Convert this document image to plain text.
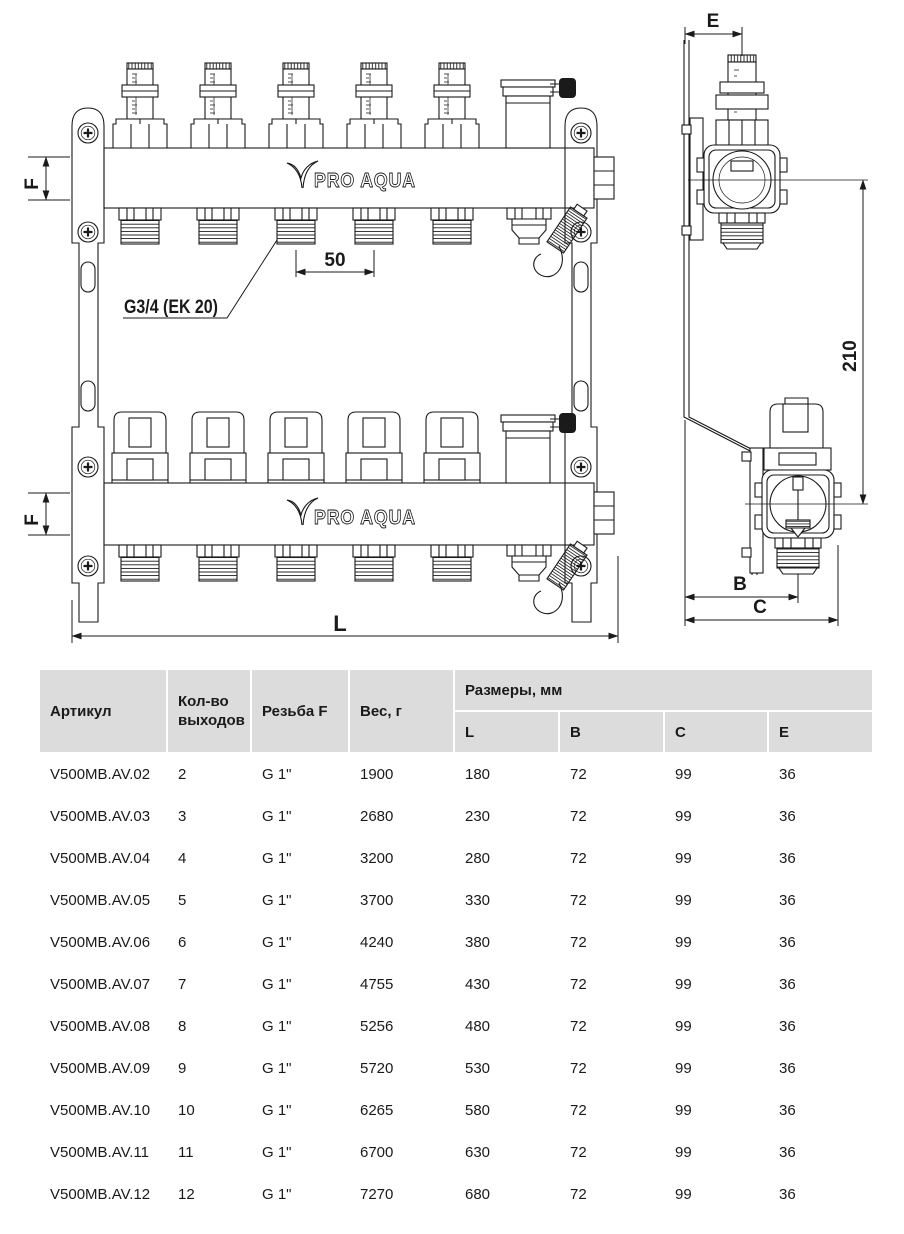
PRO AQUA
PRO AQUA
F
F
50
G3/4 (EK 20)
L
E
210
B
C
Артикул	Кол-во выходов	Резьба F	Вес, г	Размеры, мм			
				L	B	C	E
V500MB.AV.02	2	G 1"	1900	180	72	99	36
V500MB.AV.03	3	G 1"	2680	230	72	99	36
V500MB.AV.04	4	G 1"	3200	280	72	99	36
V500MB.AV.05	5	G 1"	3700	330	72	99	36
V500MB.AV.06	6	G 1"	4240	380	72	99	36
V500MB.AV.07	7	G 1"	4755	430	72	99	36
V500MB.AV.08	8	G 1"	5256	480	72	99	36
V500MB.AV.09	9	G 1"	5720	530	72	99	36
V500MB.AV.10	10	G 1"	6265	580	72	99	36
V500MB.AV.11	11	G 1"	6700	630	72	99	36
V500MB.AV.12	12	G 1"	7270	680	72	99	36
